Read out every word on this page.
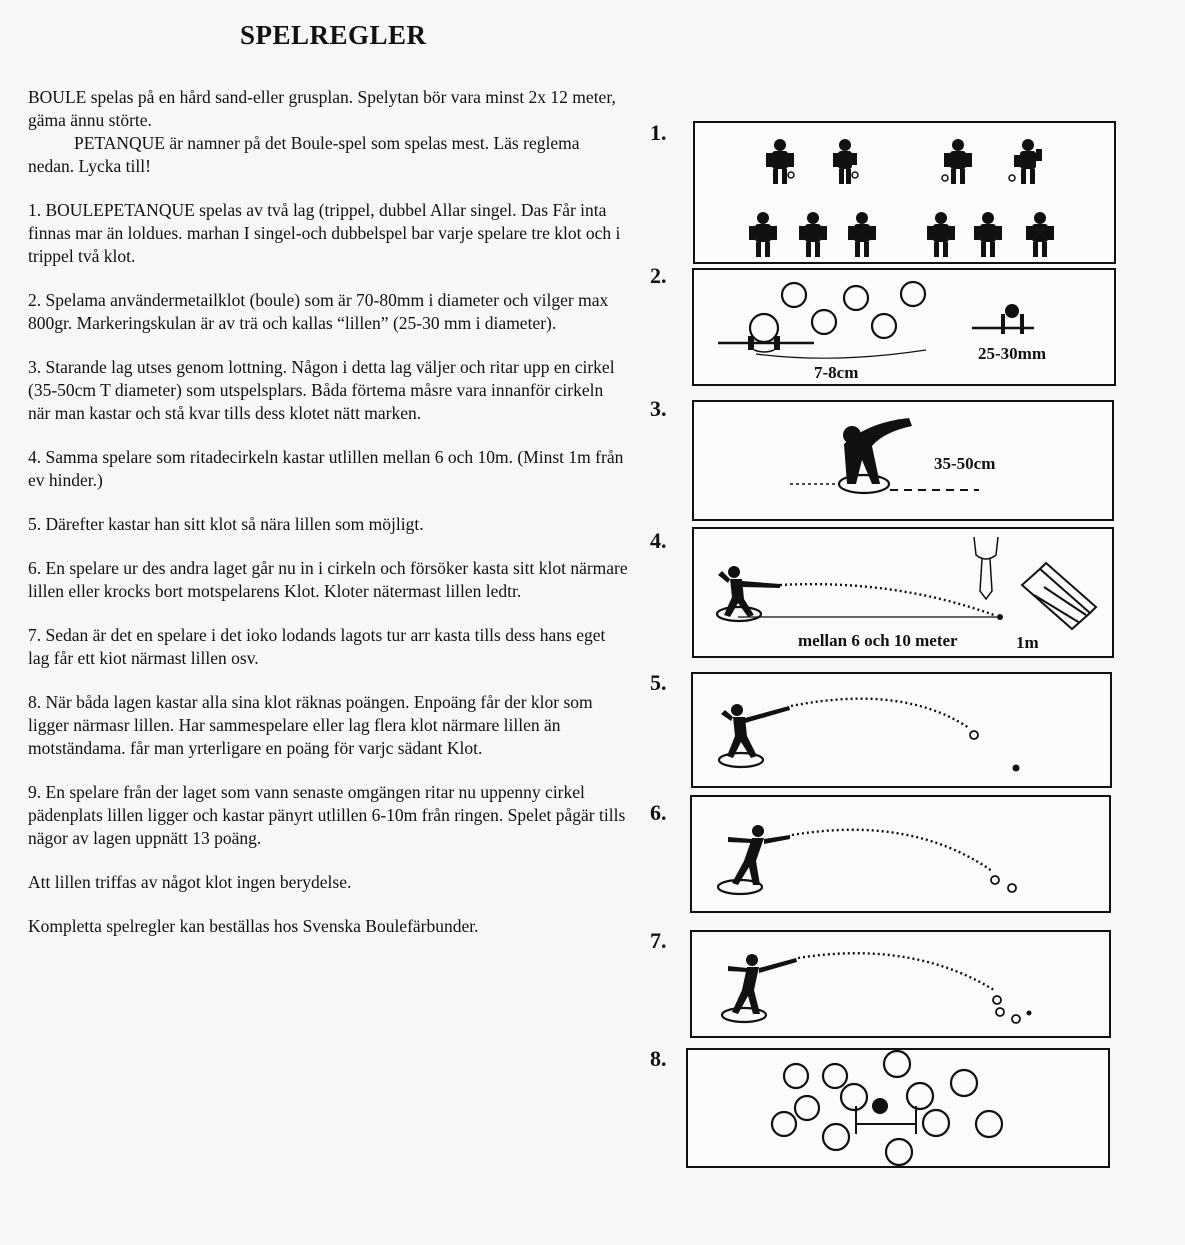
SPELREGLER

BOULE spelas på en hård sand-eller grusplan. Spelytan bör vara minst 2x 12 meter, gäma ännu störte.

PETANQUE är namner på det Boule-spel som spelas mest. Läs reglema nedan. Lycka till!

1. BOULEPETANQUE spelas av två lag (trippel, dubbel Allar singel. Das Får inta finnas mar än loldues. marhan I singel-och dubbelspel bar varje spelare tre klot och i trippel två klot.

2. Spelama användermetailklot (boule) som är 70-80mm i diameter och vilger max 800gr. Markeringskulan är av trä och kallas “lillen” (25-30 mm i diameter).

3. Starande lag utses genom lottning. Någon i detta lag väljer och ritar upp en cirkel (35-50cm T diameter) som utspelsplars. Båda förtema måsre vara innanför cirkeln när man kastar och stå kvar tills dess klotet nätt marken.

4. Samma spelare som ritadecirkeln kastar utlillen mellan 6 och 10m. (Minst 1m från ev hinder.)

5. Därefter kastar han sitt klot så nära lillen som möjligt.

6. En spelare ur des andra laget går nu in i cirkeln och försöker kasta sitt klot närmare lillen eller krocks bort motspelarens Klot. Kloter nätermast lillen ledtr.

7. Sedan är det en spelare i det ioko lodands lagots tur arr kasta tills dess hans eget lag får ett kiot närmast lillen osv.

8. När båda lagen kastar alla sina klot räknas poängen. Enpoäng får der klor som ligger närmasr lillen. Har sammespelare eller lag flera klot närmare lillen än motständama. får man yrterligare en poäng för varjc sädant Klot.

9. En spelare från der laget som vann senaste omgängen ritar nu uppenny cirkel pädenplats lillen ligger och kastar pänyrt utlillen 6-10m från ringen. Spelet pågär tills nägor av lagen uppnätt 13 poäng.

Att lillen triffas av något klot ingen berydelse.

Kompletta spelregler kan beställas hos Svenska Boulefärbunder.

1.
2.
3.
4.
5.
6.
7.
8.
7-8cm
25-30mm
35-50cm
mellan 6 och 10 meter	1m
